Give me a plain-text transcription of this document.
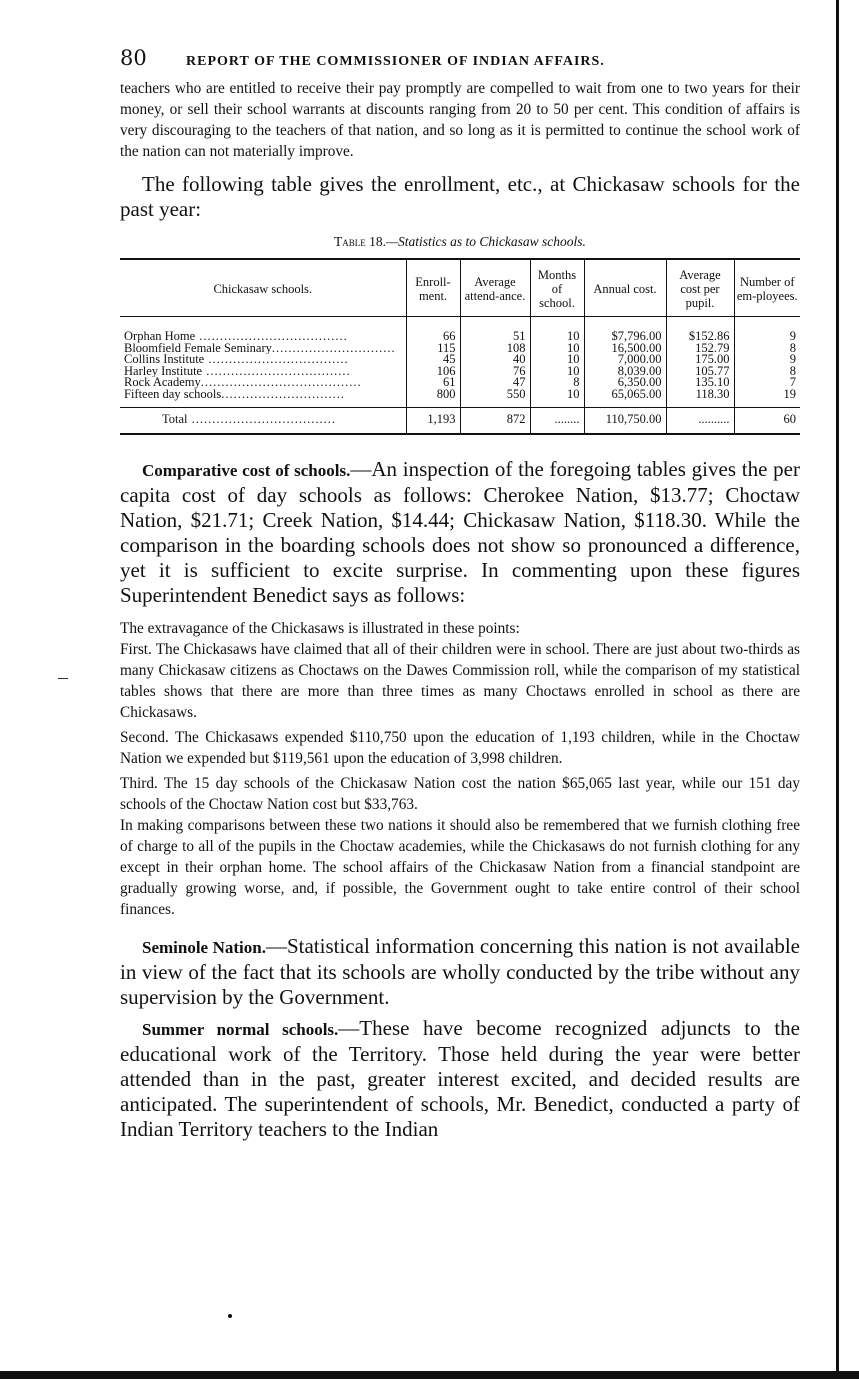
80	REPORT OF THE COMMISSIONER OF INDIAN AFFAIRS.

teachers who are entitled to receive their pay promptly are compelled to wait from one to two years for their money, or sell their school warrants at discounts ranging from 20 to 50 per cent. This condition of affairs is very discouraging to the teachers of that nation, and so long as it is permitted to continue the school work of the nation can not materially improve.

The following table gives the enrollment, etc., at Chickasaw schools for the past year:

Table 18.—Statistics as to Chickasaw schools.
Chickasaw schools.	Enroll-ment.	Average attend-ance.	Months of school.	Annual cost.	Average cost per pupil.	Number of em-ployees.
Orphan Home ....................................	66	51	10	$7,796.00	$152.86	9
Bloomfield Female Seminary..............................	115	108	10	16,500.00	152.79	8
Collins Institute ..................................	45	40	10	7,000.00	175.00	9
Harley Institute ...................................	106	76	10	8,039.00	105.77	8
Rock Academy.......................................	61	47	8	6,350.00	135.10	7
Fifteen day schools..............................	800	550	10	65,065.00	118.30	19
Total ...................................	1,193	872	........	110,750.00	..........	60

Comparative cost of schools.—An inspection of the foregoing tables gives the per capita cost of day schools as follows: Cherokee Nation, $13.77; Choctaw Nation, $21.71; Creek Nation, $14.44; Chickasaw Nation, $118.30. While the comparison in the boarding schools does not show so pronounced a difference, yet it is sufficient to excite surprise. In commenting upon these figures Superintendent Benedict says as follows:

The extravagance of the Chickasaws is illustrated in these points:

First. The Chickasaws have claimed that all of their children were in school. There are just about two-thirds as many Chickasaw citizens as Choctaws on the Dawes Commission roll, while the comparison of my statistical tables shows that there are more than three times as many Choctaws enrolled in school as there are Chickasaws.

Second. The Chickasaws expended $110,750 upon the education of 1,193 children, while in the Choctaw Nation we expended but $119,561 upon the education of 3,998 children.

Third. The 15 day schools of the Chickasaw Nation cost the nation $65,065 last year, while our 151 day schools of the Choctaw Nation cost but $33,763.

In making comparisons between these two nations it should also be remembered that we furnish clothing free of charge to all of the pupils in the Choctaw academies, while the Chickasaws do not furnish clothing for any except in their orphan home. The school affairs of the Chickasaw Nation from a financial standpoint are gradually growing worse, and, if possible, the Government ought to take entire control of their school finances.

Seminole Nation.—Statistical information concerning this nation is not available in view of the fact that its schools are wholly conducted by the tribe without any supervision by the Government.

Summer normal schools.—These have become recognized adjuncts to the educational work of the Territory. Those held during the year were better attended than in the past, greater interest excited, and decided results are anticipated. The superintendent of schools, Mr. Benedict, conducted a party of Indian Territory teachers to the Indian
